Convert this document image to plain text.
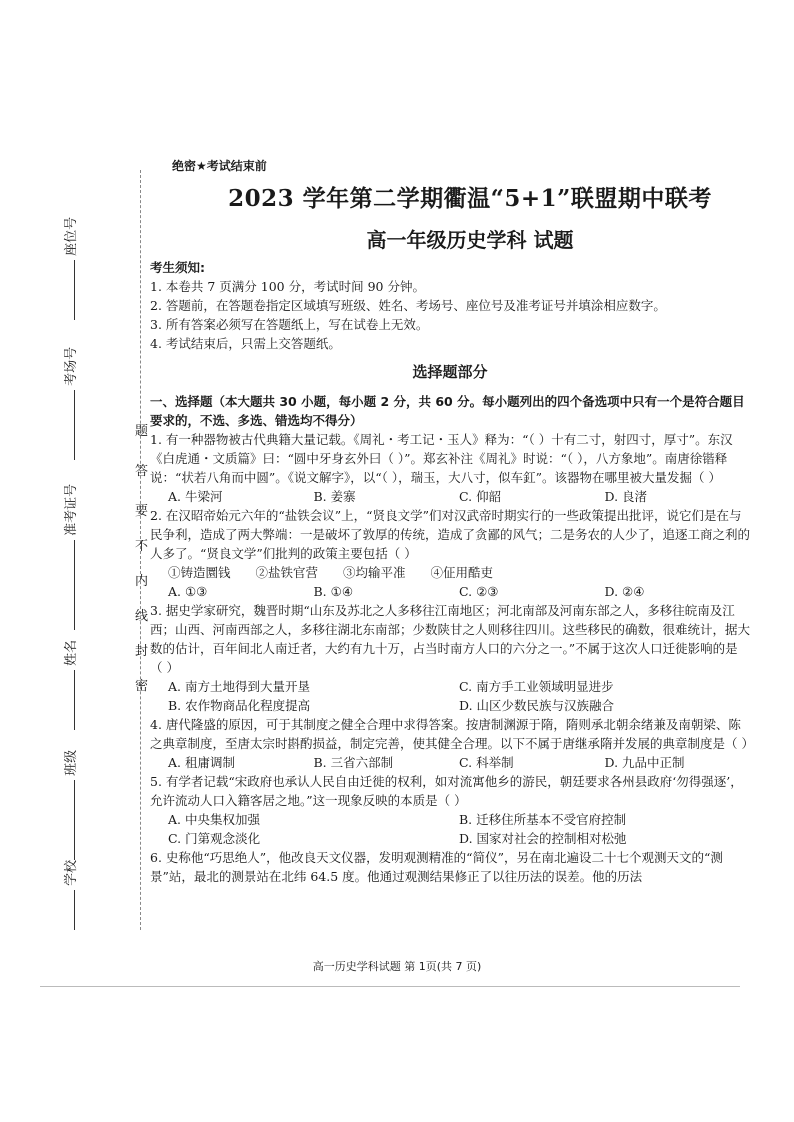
座位号
考场号
准考证号
姓名
班级
学校
题
答
要
不
内
线
封
密
绝密★考试结束前
2023 学年第二学期衢温“5+1”联盟期中联考
高一年级历史学科 试题
考生须知:
1. 本卷共 7 页满分 100 分，考试时间 90 分钟。
2. 答题前，在答题卷指定区域填写班级、姓名、考场号、座位号及准考证号并填涂相应数字。
3. 所有答案必须写在答题纸上，写在试卷上无效。
4. 考试结束后，只需上交答题纸。
选择题部分
一、选择题（本大题共 30 小题，每小题 2 分，共 60 分。每小题列出的四个备选项中只有一个是符合题目要求的，不选、多选、错选均不得分）
1. 有一种器物被古代典籍大量记载。《周礼・考工记・玉人》释为：“（ ）十有二寸，射四寸，厚寸”。东汉《白虎通・文质篇》曰：“圆中牙身玄外曰（ ）”。郑玄补注《周礼》时说：“（ ），八方象地”。南唐徐锴释说：“状若八角而中圆”。《说文解字》，以“（ ），瑞玉，大八寸，似车釭”。该器物在哪里被大量发掘（ ）
A. 牛梁河	B. 姜寨	C. 仰韶	D. 良渚
2. 在汉昭帝始元六年的“盐铁会议”上，“贤良文学”们对汉武帝时期实行的一些政策提出批评，说它们是在与民争利，造成了两大弊端：一是破坏了敦厚的传统，造成了贪鄙的风气；二是务农的人少了，追逐工商之利的人多了。“贤良文学”们批判的政策主要包括（ ）
①铸造圜钱　　②盐铁官营　　③均输平准　　④佂用酷吏
A. ①③	B. ①④	C. ②③	D. ②④
3. 据史学家研究，魏晋时期“山东及苏北之人多移往江南地区；河北南部及河南东部之人，多移往皖南及江西；山西、河南西部之人，多移往湖北东南部；少数陕甘之人则移往四川。这些移民的确数，很难统计，据大数的估计，百年间北人南迁者，大约有九十万，占当时南方人口的六分之一。”不属于这次人口迁徙影响的是（ ）
A. 南方土地得到大量开垦	C. 南方手工业领域明显进步
B. 农作物商品化程度提高	D. 山区少数民族与汉族融合
4. 唐代隆盛的原因，可于其制度之健全合理中求得答案。按唐制渊源于隋，隋则承北朝余绪兼及南朝梁、陈之典章制度，至唐太宗时斟酌损益，制定完善，使其健全合理。以下不属于唐继承隋并发展的典章制度是（ ）
A. 租庸调制	B. 三省六部制	C. 科举制	D. 九品中正制
5. 有学者记载“宋政府也承认人民自由迁徙的权利，如对流寓他乡的游民，朝廷要求各州县政府‘勿得强逐’，允许流动人口入籍客居之地。”这一现象反映的本质是（ ）
A. 中央集权加强	B. 迁移住所基本不受官府控制
C. 门第观念淡化	D. 国家对社会的控制相对松弛
6. 史称他“巧思绝人”，他改良天文仪器，发明观测精准的“简仪”，另在南北遍设二十七个观测天文的“测景”站，最北的测景站在北纬 64.5 度。他通过观测结果修正了以往历法的误差。他的历法
高一历史学科试题 第 1页(共 7 页)
